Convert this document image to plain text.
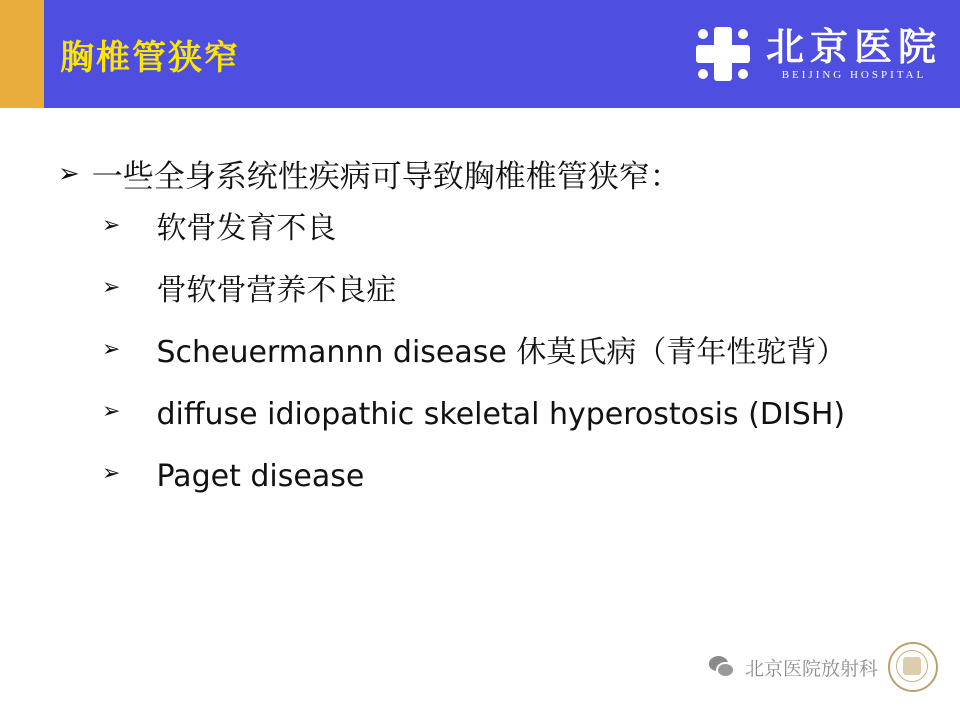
胸椎管狭窄	北京医院
BEIJING HOSPITAL
➢ 一些全身系统性疾病可导致胸椎椎管狭窄：
➢ 软骨发育不良
➢ 骨软骨营养不良症
➢ Scheuermannn disease 休莫氏病（青年性驼背）
➢ diffuse idiopathic skeletal hyperostosis (DISH)
➢ Paget disease
北京医院放射科
